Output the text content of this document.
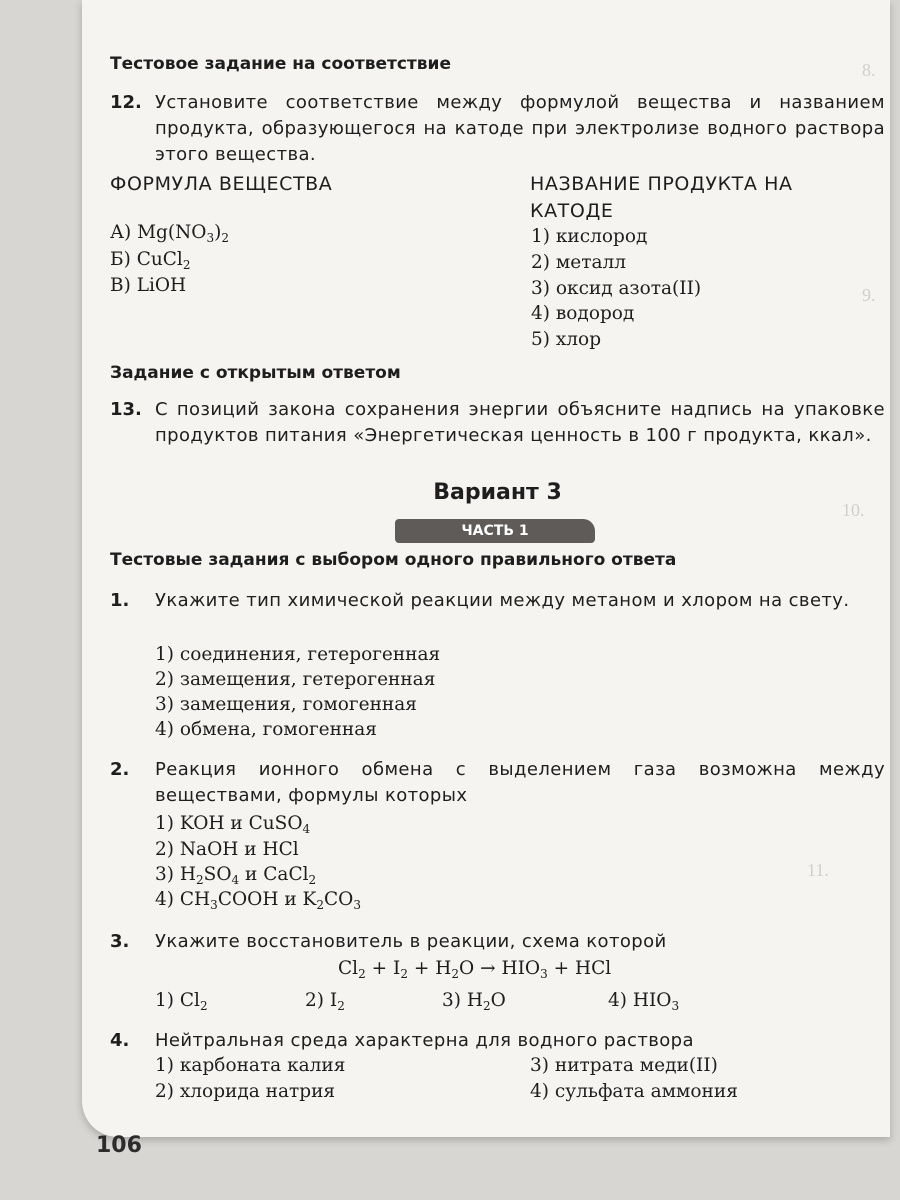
8.
9.
10.
11.
Тестовое задание на соответствие
12. Установите соответствие между формулой вещества и названием продукта, образующегося на катоде при электролизе водного раствора этого вещества.
ФОРМУЛА ВЕЩЕСТВА	НАЗВАНИЕ ПРОДУКТА НА КАТОДЕ
А) $Mg(NO_3)_2$
Б) CuCl$_2$
В) LiOH
1) кислород
2) металл
3) оксид азота(II)
4) водород
5) хлор
Задание с открытым ответом
13. С позиций закона сохранения энергии объясните надпись на упаковке продуктов питания «Энергетическая ценность в 100 г продукта, ккал».
Вариант 3
ЧАСТЬ 1
Тестовые задания с выбором одного правильного ответа
1. Укажите тип химической реакции между метаном и хлором на свету.
1) соединения, гетерогенная
2) замещения, гетерогенная
3) замещения, гомогенная
4) обмена, гомогенная
2. Реакция ионного обмена с выделением газа возможна между веществами, формулы которых
1) KOH и CuSO$_4$
2) NaOH и HCl
3) $H_2SO_4$ и CaCl$_2$
4) $CH_3COOH$ и $K_2CO_3$
3. Укажите восстановитель в реакции, схема которой
$Cl_2 + I_2 + H_2O \to HIO_3$ + HCl
1) $Cl_2$	2) $I_2$	3) $H_2O$	4) $HIO_3$
4. Нейтральная среда характерна для водного раствора
1) карбоната калия
2) хлорида натрия
3) нитрата меди(II)
4) сульфата аммония
106
